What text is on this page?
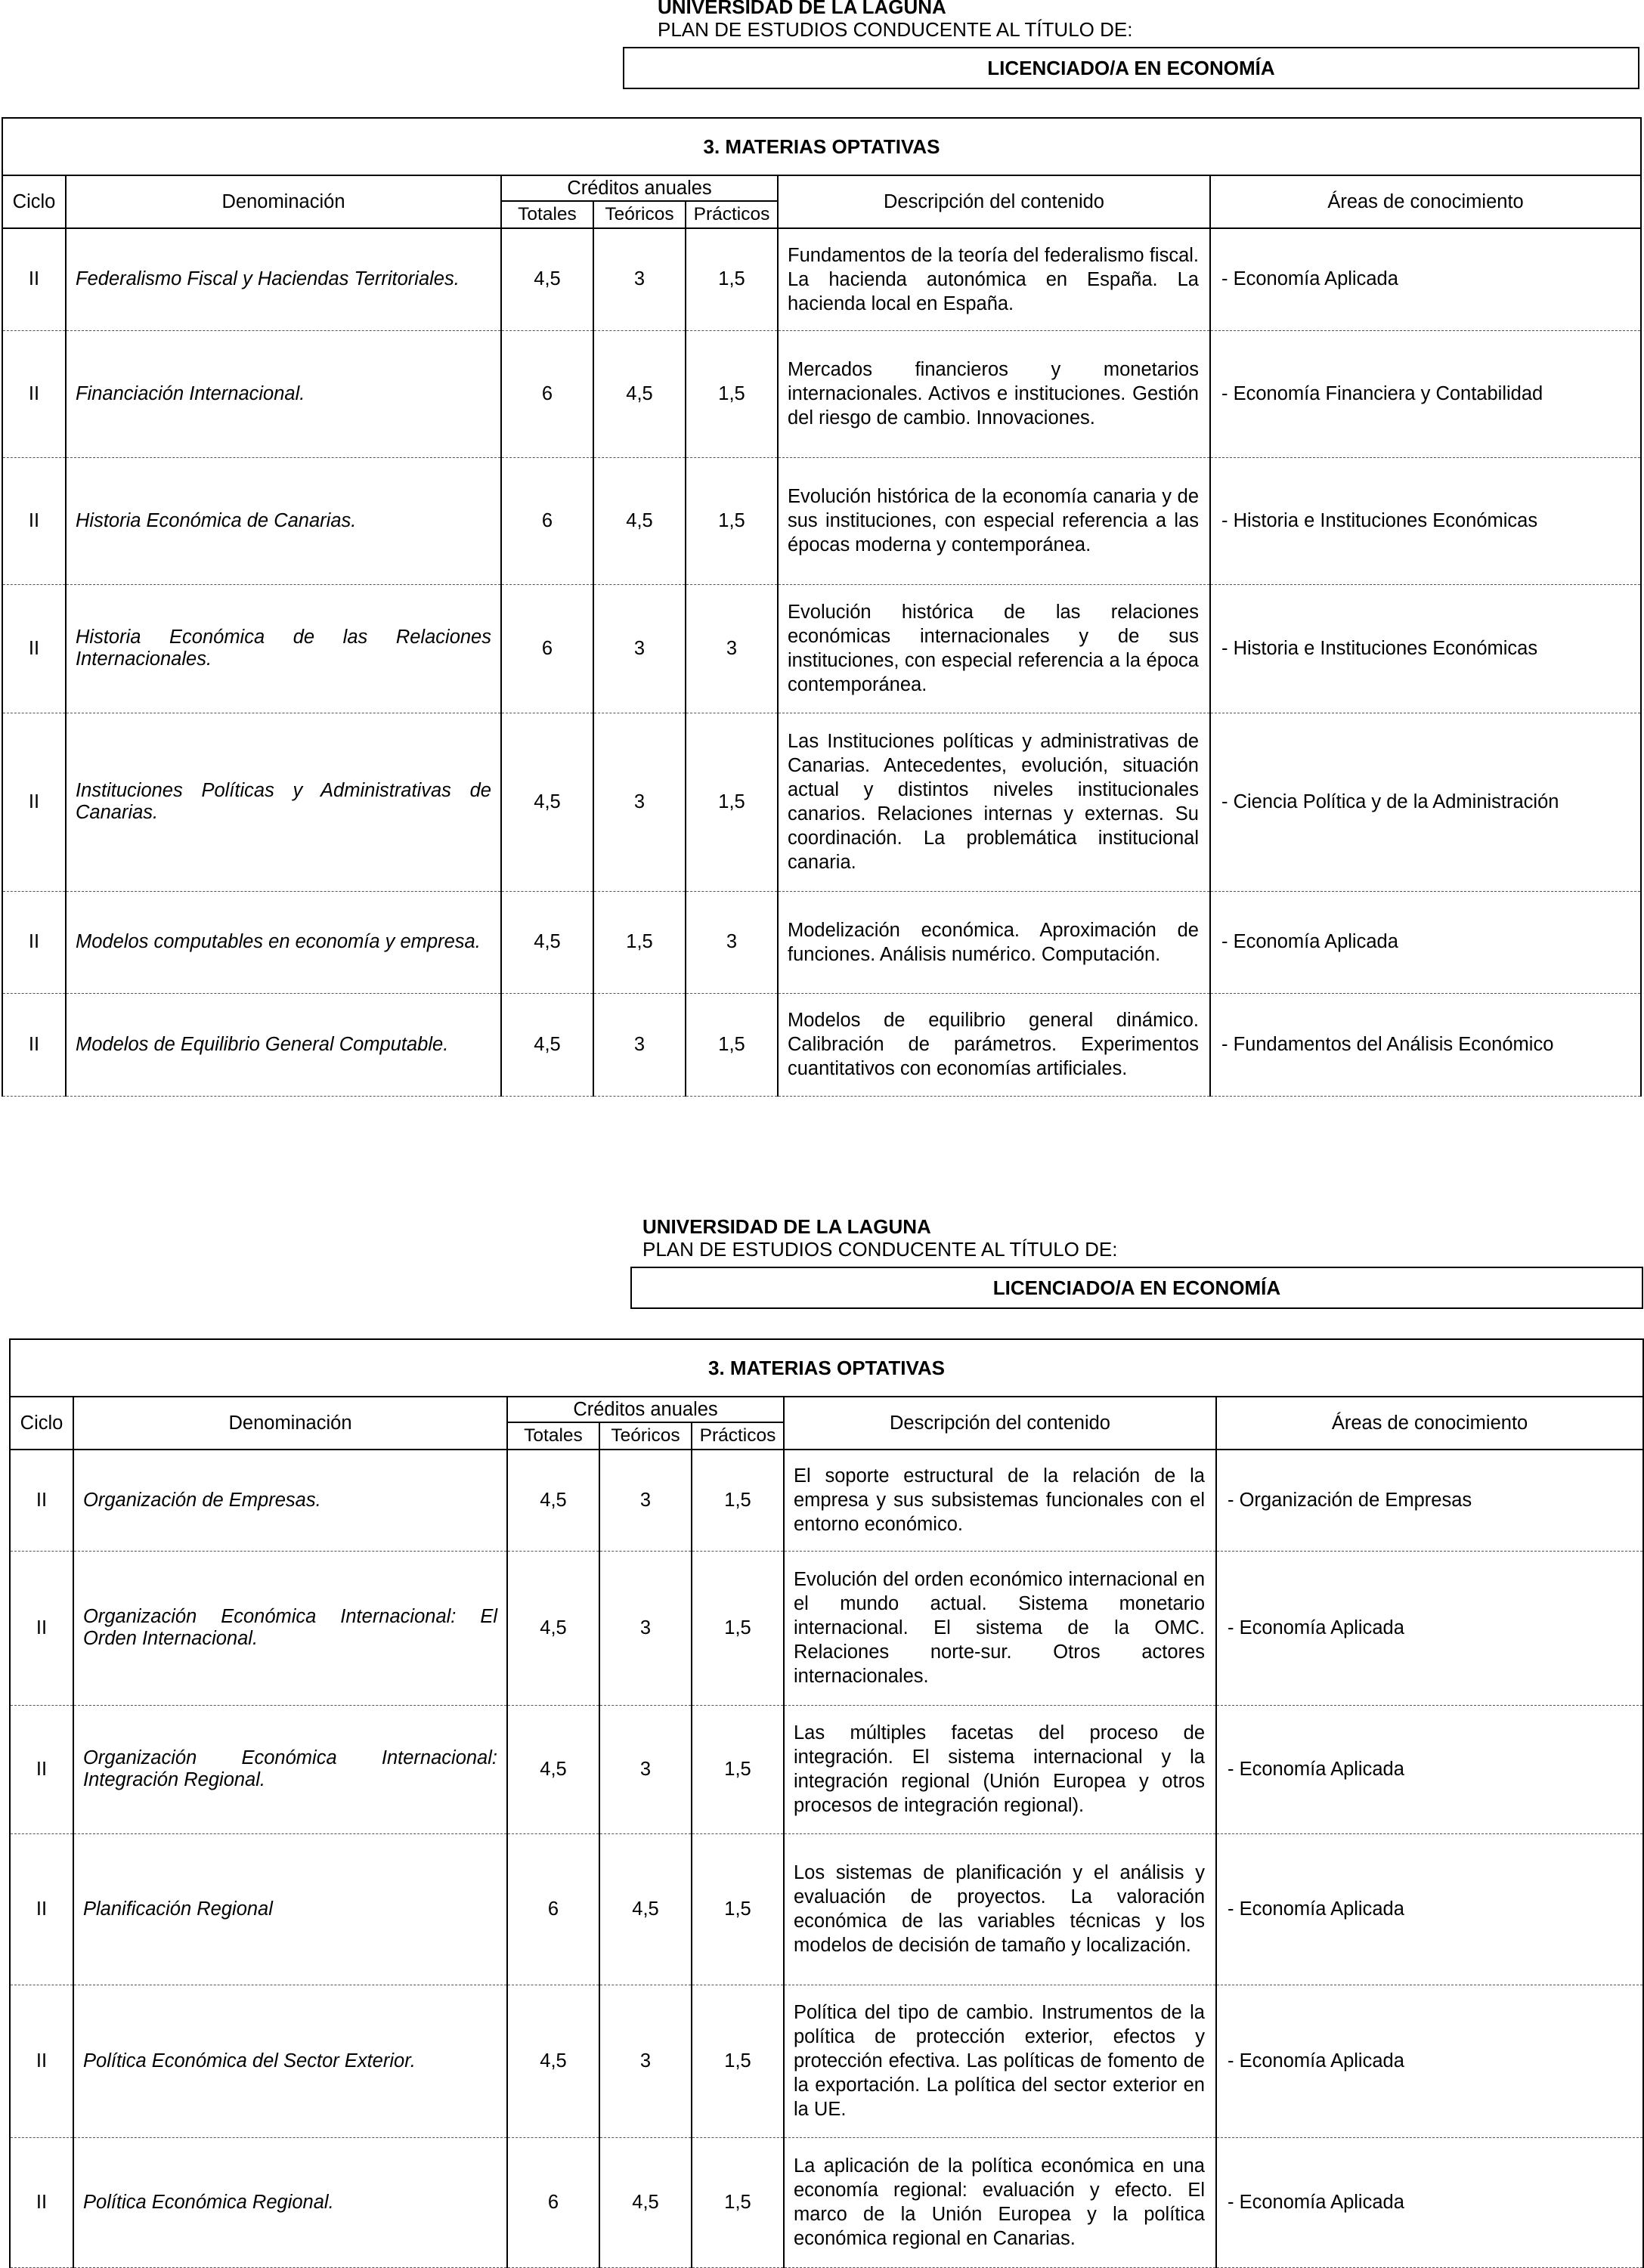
UNIVERSIDAD DE LA LAGUNA
PLAN DE ESTUDIOS CONDUCENTE AL TÍTULO DE:
LICENCIADO/A EN ECONOMÍA
3. MATERIAS OPTATIVAS						
Ciclo	Denominación	Créditos anuales			Descripción del contenido	Áreas de conocimiento
		Totales	Teóricos	Prácticos		
II	Federalismo Fiscal y Haciendas Territoriales.	4,5	3	1,5	Fundamentos de la teoría del federalismo fiscal. La hacienda autonómica en España. La hacienda local en España.	- Economía Aplicada
II	Financiación Internacional.	6	4,5	1,5	Mercados financieros y monetarios internacionales. Activos e instituciones. Gestión del riesgo de cambio. Innovaciones.	- Economía Financiera y Contabilidad
II	Historia Económica de Canarias.	6	4,5	1,5	Evolución histórica de la economía canaria y de sus instituciones, con especial referencia a las épocas moderna y contemporánea.	- Historia e Instituciones Económicas
II	Historia Económica de las Relaciones Internacionales.	6	3	3	Evolución histórica de las relaciones económicas internacionales y de sus instituciones, con especial referencia a la época contemporánea.	- Historia e Instituciones Económicas
II	Instituciones Políticas y Administrativas de Canarias.	4,5	3	1,5	Las Instituciones políticas y administrativas de Canarias. Antecedentes, evolución, situación actual y distintos niveles institucionales canarios. Relaciones internas y externas. Su coordinación. La problemática institucional canaria.	- Ciencia Política y de la Administración
II	Modelos computables en economía y empresa.	4,5	1,5	3	Modelización económica. Aproximación de funciones. Análisis numérico. Computación.	- Economía Aplicada
II	Modelos de Equilibrio General Computable.	4,5	3	1,5	Modelos de equilibrio general dinámico. Calibración de parámetros. Experimentos cuantitativos con economías artificiales.	- Fundamentos del Análisis Económico
UNIVERSIDAD DE LA LAGUNA
PLAN DE ESTUDIOS CONDUCENTE AL TÍTULO DE:
LICENCIADO/A EN ECONOMÍA
3. MATERIAS OPTATIVAS						
Ciclo	Denominación	Créditos anuales			Descripción del contenido	Áreas de conocimiento
		Totales	Teóricos	Prácticos		
II	Organización de Empresas.	4,5	3	1,5	El soporte estructural de la relación de la empresa y sus subsistemas funcionales con el entorno económico.	- Organización de Empresas
II	Organización Económica Internacional: El Orden Internacional.	4,5	3	1,5	Evolución del orden económico internacional en el mundo actual. Sistema monetario internacional. El sistema de la OMC. Relaciones norte-sur. Otros actores internacionales.	- Economía Aplicada
II	Organización Económica Internacional: Integración Regional.	4,5	3	1,5	Las múltiples facetas del proceso de integración. El sistema internacional y la integración regional (Unión Europea y otros procesos de integración regional).	- Economía Aplicada
II	Planificación Regional	6	4,5	1,5	Los sistemas de planificación y el análisis y evaluación de proyectos. La valoración económica de las variables técnicas y los modelos de decisión de tamaño y localización.	- Economía Aplicada
II	Política Económica del Sector Exterior.	4,5	3	1,5	Política del tipo de cambio. Instrumentos de la política de protección exterior, efectos y protección efectiva. Las políticas de fomento de la exportación. La política del sector exterior en la UE.	- Economía Aplicada
II	Política Económica Regional.	6	4,5	1,5	La aplicación de la política económica en una economía regional: evaluación y efecto. El marco de la Unión Europea y la política económica regional en Canarias.	- Economía Aplicada
